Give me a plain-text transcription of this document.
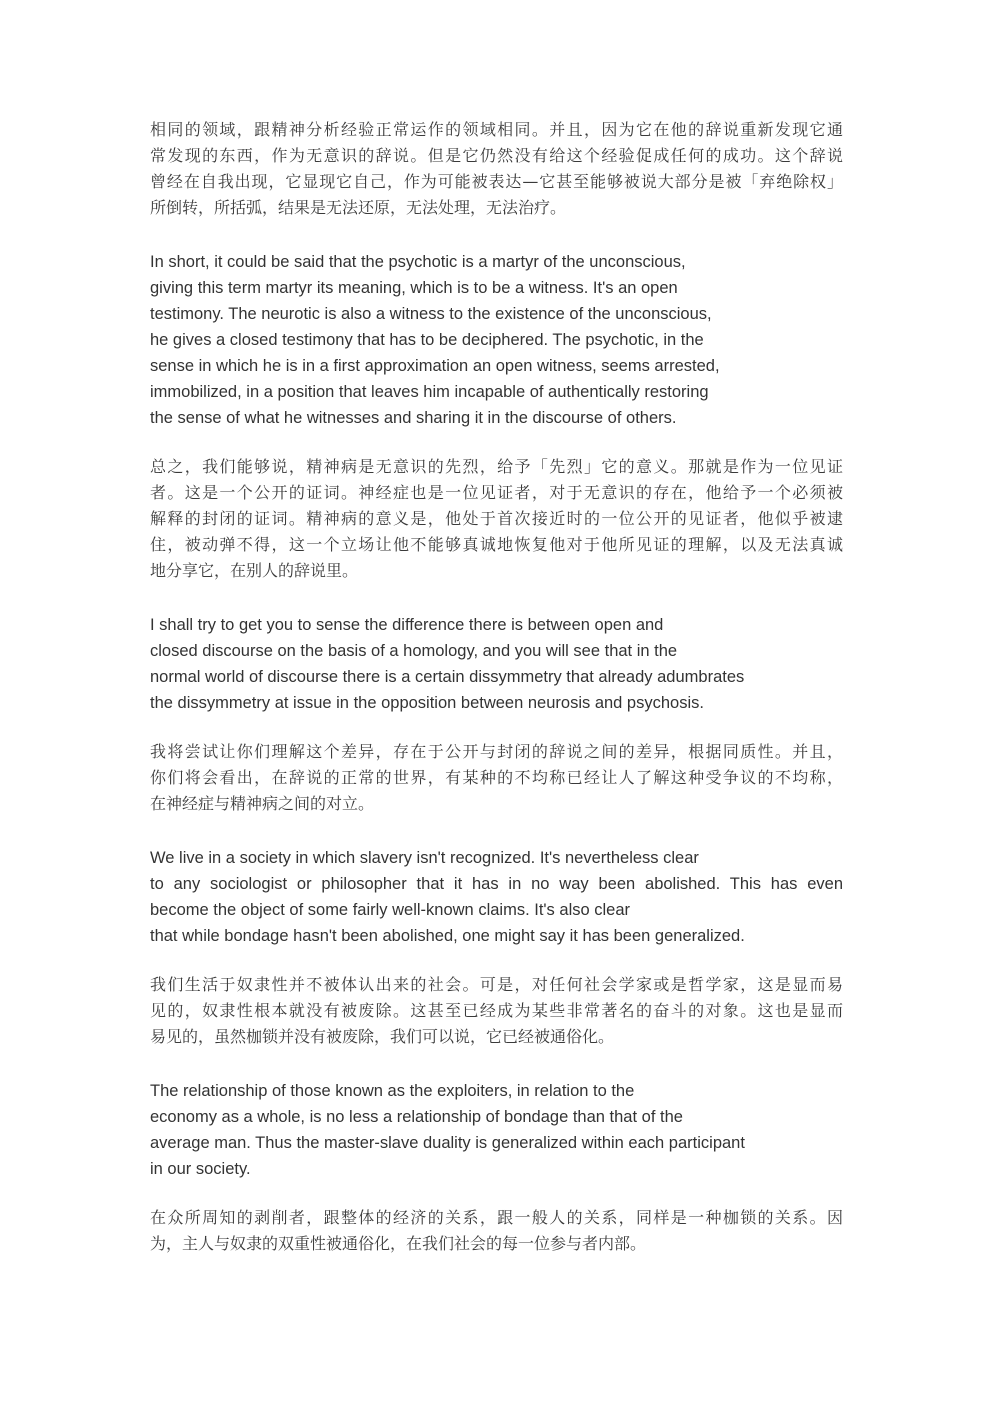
相同的领域，跟精神分析经验正常运作的领域相同。并且，因为它在他的辞说重新发现它通
常发现的东西，作为无意识的辞说。但是它仍然没有给这个经验促成任何的成功。这个辞说
曾经在自我出现，它显现它自己，作为可能被表达—它甚至能够被说大部分是被「弃绝除权」
所倒转，所括弧，结果是无法还原，无法处理，无法治疗。

In short, it could be said that the psychotic is a martyr of the unconscious,
giving this term martyr its meaning, which is to be a witness. It's an open
testimony. The neurotic is also a witness to the existence of the unconscious,
he gives a closed testimony that has to be deciphered. The psychotic, in the
sense in which he is in a first approximation an open witness, seems arrested,
immobilized, in a position that leaves him incapable of authentically restoring
the sense of what he witnesses and sharing it in the discourse of others.

总之，我们能够说，精神病是无意识的先烈，给予「先烈」它的意义。那就是作为一位见证
者。这是一个公开的证词。神经症也是一位见证者，对于无意识的存在，他给予一个必须被
解释的封闭的证词。精神病的意义是，他处于首次接近时的一位公开的见证者，他似乎被逮
住，被动弹不得，这一个立场让他不能够真诚地恢复他对于他所见证的理解，以及无法真诚
地分享它，在别人的辞说里。

I shall try to get you to sense the difference there is between open and
closed discourse on the basis of a homology, and you will see that in the
normal world of discourse there is a certain dissymmetry that already adumbrates
the dissymmetry at issue in the opposition between neurosis and psychosis.

我将尝试让你们理解这个差异，存在于公开与封闭的辞说之间的差异，根据同质性。并且，
你们将会看出，在辞说的正常的世界，有某种的不均称已经让人了解这种受争议的不均称，
在神经症与精神病之间的对立。

We live in a society in which slavery isn't recognized. It's nevertheless clear
to any sociologist or philosopher that it has in no way been abolished. This has even
become the object of some fairly well-known claims. It's also clear
that while bondage hasn't been abolished, one might say it has been generalized.

我们生活于奴隶性并不被体认出来的社会。可是，对任何社会学家或是哲学家，这是显而易
见的，奴隶性根本就没有被废除。这甚至已经成为某些非常著名的奋斗的对象。这也是显而
易见的，虽然枷锁并没有被废除，我们可以说，它已经被通俗化。

The relationship of those known as the exploiters, in relation to the
economy as a whole, is no less a relationship of bondage than that of the
average man. Thus the master-slave duality is generalized within each participant
in our society.

在众所周知的剥削者，跟整体的经济的关系，跟一般人的关系，同样是一种枷锁的关系。因
为，主人与奴隶的双重性被通俗化，在我们社会的每一位参与者内部。
